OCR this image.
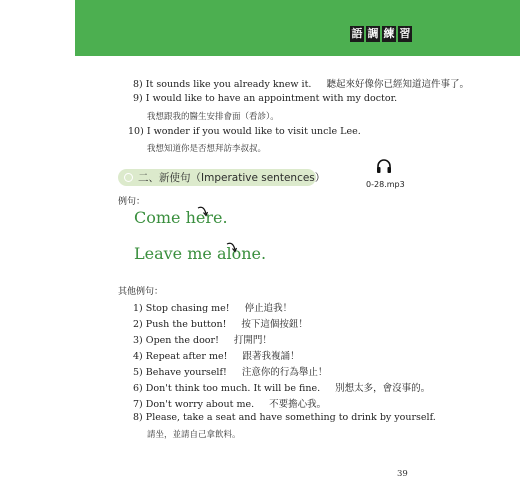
語 調 練 習
8) It sounds like you already knew it. 聽起來好像你已經知道這件事了。
9) I would like to have an appointment with my doctor.
我想跟我的醫生安排會面（看診）。
10) I wonder if you would like to visit uncle Lee.
我想知道你是否想拜訪李叔叔。
二、新使句（Imperative sentences）
0-28.mp3
例句：
Come here.
Leave me alone.
其他例句：
1) Stop chasing me! 停止追我！
2) Push the button! 按下這個按鈕！
3) Open the door! 打開門！
4) Repeat after me! 跟著我複誦！
5) Behave yourself! 注意你的行為舉止！
6) Don't think too much. It will be fine. 別想太多，會沒事的。
7) Don't worry about me. 不要擔心我。
8) Please, take a seat and have something to drink by yourself.
請坐，並請自己拿飲料。
39
